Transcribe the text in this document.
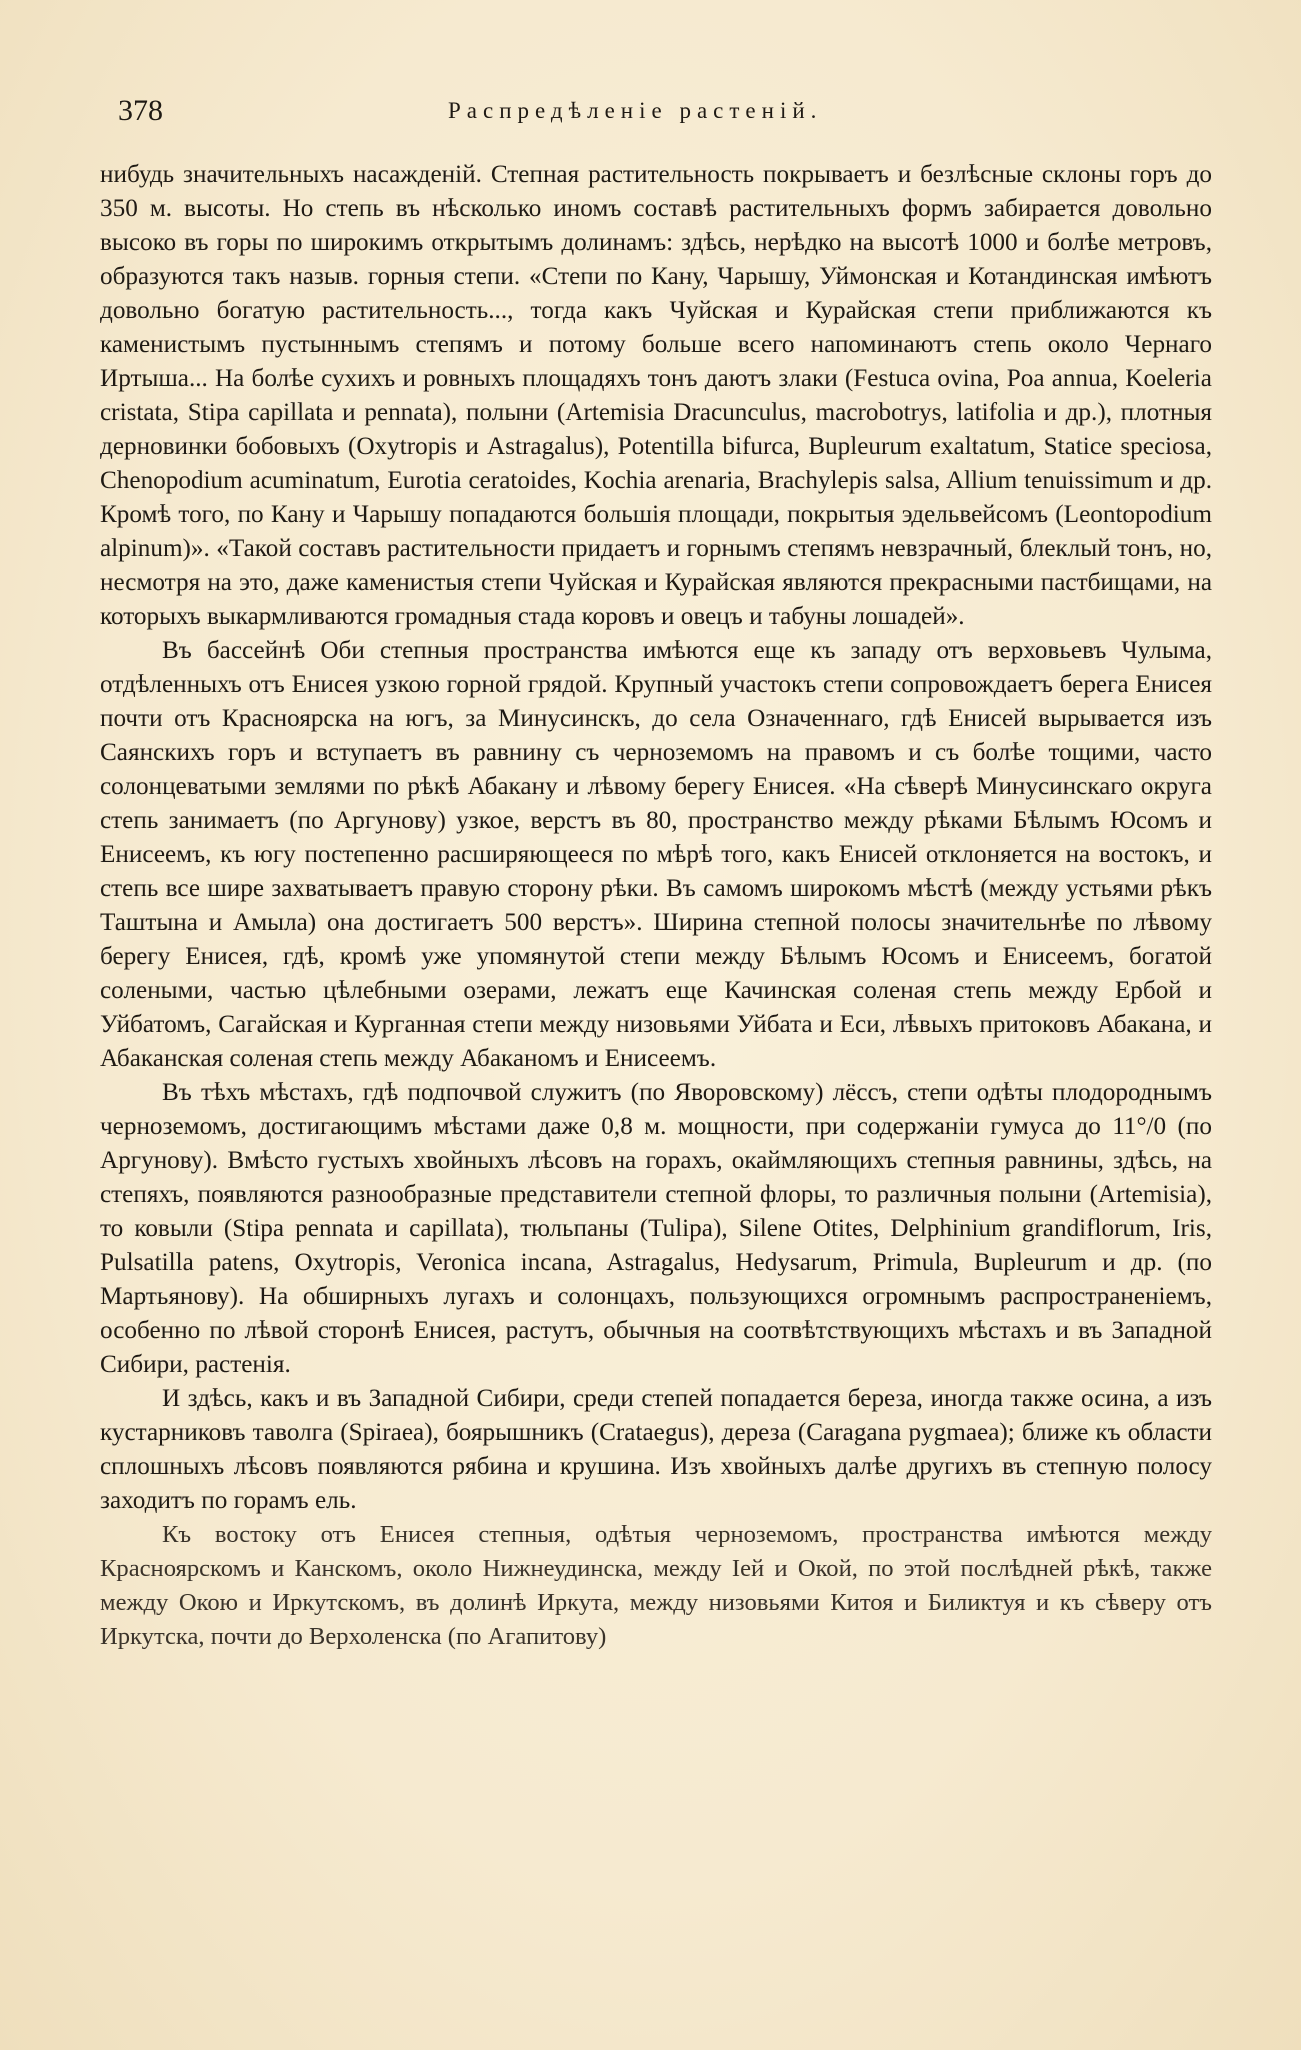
378	Распредѣленіе растеній.

нибудь значительныхъ насажденій. Степная растительность покрываетъ и безлѣсные склоны горъ до 350 м. высоты. Но степь въ нѣсколько иномъ составѣ растительныхъ формъ забирается довольно высоко въ горы по широкимъ открытымъ долинамъ: здѣсь, нерѣдко на высотѣ 1000 и болѣе метровъ, образуются такъ назыв. горныя степи. «Степи по Кану, Чарышу, Уймонская и Котандинская имѣютъ довольно богатую растительность..., тогда какъ Чуйская и Курайская степи приближаются къ каменистымъ пустыннымъ степямъ и потому больше всего напоминаютъ степь около Чернаго Иртыша... На болѣе сухихъ и ровныхъ площадяхъ тонъ даютъ злаки (Festuca ovina, Poa annua, Koeleria cristata, Stipa capillata и pennata), полыни (Artemisia Dracunculus, macrobotrys, latifolia и др.), плотныя дерновинки бобовыхъ (Oxytropis и Astragalus), Potentilla bifurca, Bupleurum exaltatum, Statice speciosa, Chenopodium acuminatum, Eurotia ceratoides, Kochia arenaria, Brachylepis salsa, Allium tenuissimum и др. Кромѣ того, по Кану и Чарышу попадаются большія площади, покрытыя эдельвейсомъ (Leontopodium alpinum)». «Такой составъ растительности придаетъ и горнымъ степямъ невзрачный, блеклый тонъ, но, несмотря на это, даже каменистыя степи Чуйская и Курайская являются прекрасными пастбищами, на которыхъ выкармливаются громадныя стада коровъ и овецъ и табуны лошадей».

Въ бассейнѣ Оби степныя пространства имѣются еще къ западу отъ верховьевъ Чулыма, отдѣленныхъ отъ Енисея узкою горной грядой. Крупный участокъ степи сопровождаетъ берега Енисея почти отъ Красноярска на югъ, за Минусинскъ, до села Означеннаго, гдѣ Енисей вырывается изъ Саянскихъ горъ и вступаетъ въ равнину съ черноземомъ на правомъ и съ болѣе тощими, часто солонцеватыми землями по рѣкѣ Абакану и лѣвому берегу Енисея. «На сѣверѣ Минусинскаго округа степь занимаетъ (по Аргунову) узкое, верстъ въ 80, пространство между рѣками Бѣлымъ Юсомъ и Енисеемъ, къ югу постепенно расширяющееся по мѣрѣ того, какъ Енисей отклоняется на востокъ, и степь все шире захватываетъ правую сторону рѣки. Въ самомъ широкомъ мѣстѣ (между устьями рѣкъ Таштына и Амыла) она достигаетъ 500 верстъ». Ширина степной полосы значительнѣе по лѣвому берегу Енисея, гдѣ, кромѣ уже упомянутой степи между Бѣлымъ Юсомъ и Енисеемъ, богатой солеными, частью цѣлебными озерами, лежатъ еще Качинская соленая степь между Ербой и Уйбатомъ, Сагайская и Курганная степи между низовьями Уйбата и Еси, лѣвыхъ притоковъ Абакана, и Абаканская соленая степь между Абаканомъ и Енисеемъ.

Въ тѣхъ мѣстахъ, гдѣ подпочвой служитъ (по Яворовскому) лёссъ, степи одѣты плодороднымъ черноземомъ, достигающимъ мѣстами даже 0,8 м. мощности, при содержаніи гумуса до 11°/0 (по Аргунову). Вмѣсто густыхъ хвойныхъ лѣсовъ на горахъ, окаймляющихъ степныя равнины, здѣсь, на степяхъ, появляются разнообразные представители степной флоры, то различныя полыни (Artemisia), то ковыли (Stipa pennata и capillata), тюльпаны (Tulipa), Silene Otites, Delphinium grandiflorum, Iris, Pulsatilla patens, Oxytropis, Veronica incana, Astragalus, Hedysarum, Primula, Bupleurum и др. (по Мартьянову). На обширныхъ лугахъ и солонцахъ, пользующихся огромнымъ распространеніемъ, особенно по лѣвой сторонѣ Енисея, растутъ, обычныя на соотвѣтствующихъ мѣстахъ и въ Западной Сибири, растенія.

И здѣсь, какъ и въ Западной Сибири, среди степей попадается береза, иногда также осина, а изъ кустарниковъ таволга (Spiraea), боярышникъ (Crataegus), дереза (Caragana pygmaea); ближе къ области сплошныхъ лѣсовъ появляются рябина и крушина. Изъ хвойныхъ далѣе другихъ въ степную полосу заходитъ по горамъ ель.

Къ востоку отъ Енисея степныя, одѣтыя черноземомъ, пространства имѣются между Красноярскомъ и Канскомъ, около Нижнеудинска, между Іей и Окой, по этой послѣдней рѣкѣ, также между Окою и Иркутскомъ, въ долинѣ Иркута, между низовьями Китоя и Биликтуя и къ сѣверу отъ Иркутска, почти до Верхоленска (по Агапитову)
